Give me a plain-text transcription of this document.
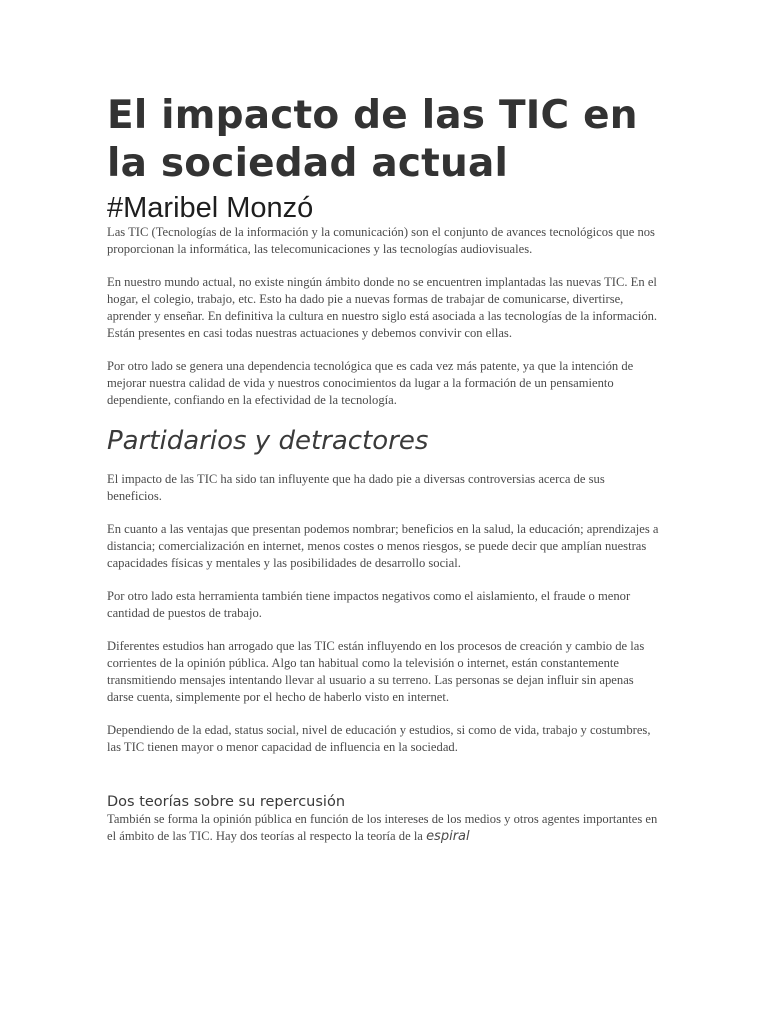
El impacto de las TIC en la sociedad actual
#Maribel Monzó

Las TIC (Tecnologías de la información y la comunicación) son el conjunto de avances tecnológicos que nos proporcionan la informática, las telecomunicaciones y las tecnologías audiovisuales.

En nuestro mundo actual, no existe ningún ámbito donde no se encuentren implantadas las nuevas TIC. En el hogar, el colegio, trabajo, etc. Esto ha dado pie a nuevas formas de trabajar de comunicarse, divertirse, aprender y enseñar. En definitiva la cultura en nuestro siglo está asociada a las tecnologías de la información. Están presentes en casi todas nuestras actuaciones y debemos convivir con ellas.

Por otro lado se genera una dependencia tecnológica que es cada vez más patente, ya que la intención de mejorar nuestra calidad de vida y nuestros conocimientos da lugar a la formación de un pensamiento dependiente, confiando en la efectividad de la tecnología.

Partidarios y detractores

El impacto de las TIC ha sido tan influyente que ha dado pie a diversas controversias acerca de sus beneficios.

En cuanto a las ventajas que presentan podemos nombrar; beneficios en la salud, la educación; aprendizajes a distancia; comercialización en internet, menos costes o menos riesgos, se puede decir que amplían nuestras capacidades físicas y mentales y las posibilidades de desarrollo social.

Por otro lado esta herramienta también tiene impactos negativos como el aislamiento, el fraude o menor cantidad de puestos de trabajo.

Diferentes estudios han arrogado que las TIC están influyendo en los procesos de creación y cambio de las corrientes de la opinión pública. Algo tan habitual como la televisión o internet, están constantemente transmitiendo mensajes intentando llevar al usuario a su terreno. Las personas se dejan influir sin apenas darse cuenta, simplemente por el hecho de haberlo visto en internet.

Dependiendo de la edad, status social, nivel de educación y estudios, si como de vida, trabajo y costumbres, las TIC tienen mayor o menor capacidad de influencia en la sociedad.

Dos teorías sobre su repercusión

También se forma la opinión pública en función de los intereses de los medios y otros agentes importantes en el ámbito de las TIC. Hay dos teorías al respecto la teoría de la espiral
